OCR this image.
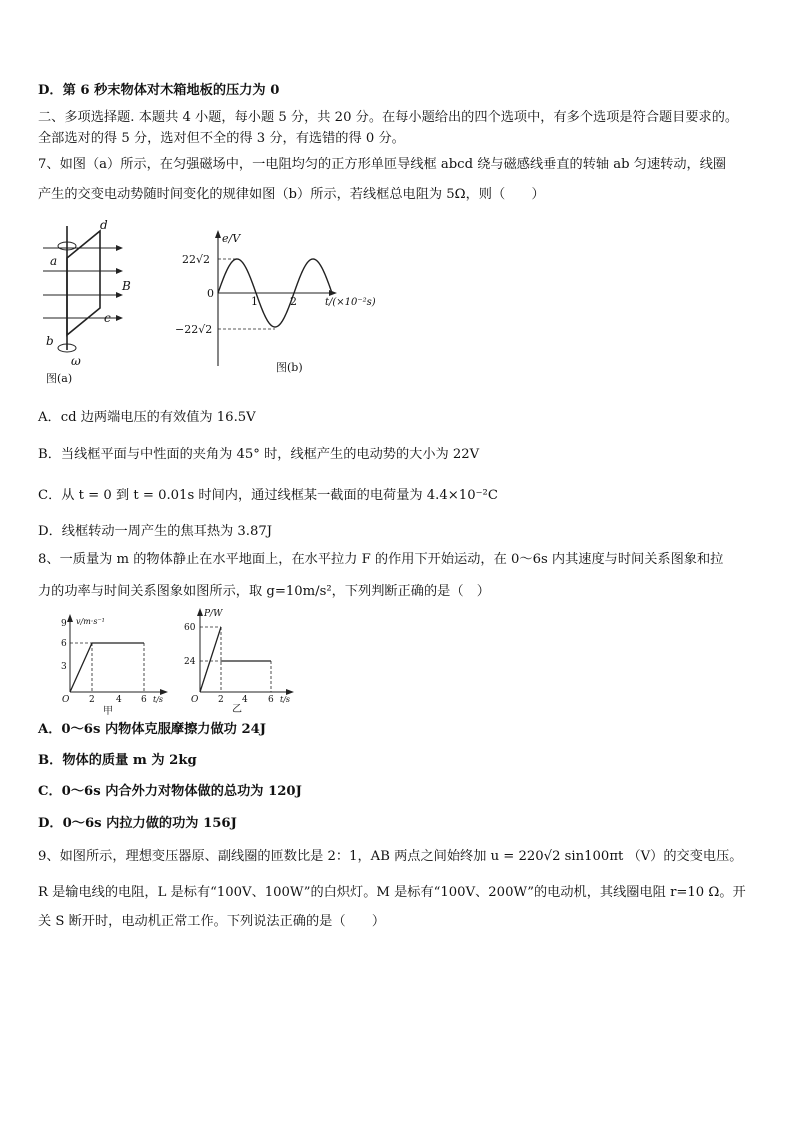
D．第 6 秒末物体对木箱地板的压力为 0
二、多项选择题. 本题共 4 小题，每小题 5 分，共 20 分。在每小题给出的四个选项中，有多个选项是符合题目要求的。
全部选对的得 5 分，选对但不全的得 3 分，有选错的得 0 分。
7、如图（a）所示，在匀强磁场中，一电阻均匀的正方形单匝导线框 abcd 绕与磁感线垂直的转轴 ab 匀速转动，线圈
产生的交变电动势随时间变化的规律如图（b）所示，若线框总电阻为 5Ω，则（　　）
a
b
c
d
B
ω
图(a)
e/V
22√2
0
−22√2
1	2	t/(×10⁻²s)
图(b)
A．cd 边两端电压的有效值为 16.5V
B．当线框平面与中性面的夹角为 45° 时，线框产生的电动势的大小为 22V
C．从 t = 0 到 t = 0.01s 时间内，通过线框某一截面的电荷量为 4.4×10⁻²C
D．线框转动一周产生的焦耳热为 3.87J
8、一质量为 m 的物体静止在水平地面上，在水平拉力 F 的作用下开始运动，在 0～6s 内其速度与时间关系图象和拉
力的功率与时间关系图象如图所示，取 g=10m/s²，下列判断正确的是（　）
v/m·s⁻¹
9
6
3
O 2 4 6 t/s
甲
P/W
60
24
O 2 4 6 t/s
乙
A．0～6s 内物体克服摩擦力做功 24J
B．物体的质量 m 为 2kg
C．0～6s 内合外力对物体做的总功为 120J
D．0～6s 内拉力做的功为 156J
9、如图所示，理想变压器原、副线圈的匝数比是 2：1，AB 两点之间始终加 u = 220√2 sin100πt （V）的交变电压。
R 是输电线的电阻，L 是标有“100V、100W”的白炽灯。M 是标有“100V、200W”的电动机，其线圈电阻 r=10 Ω。开
关 S 断开时，电动机正常工作。下列说法正确的是（　　）
